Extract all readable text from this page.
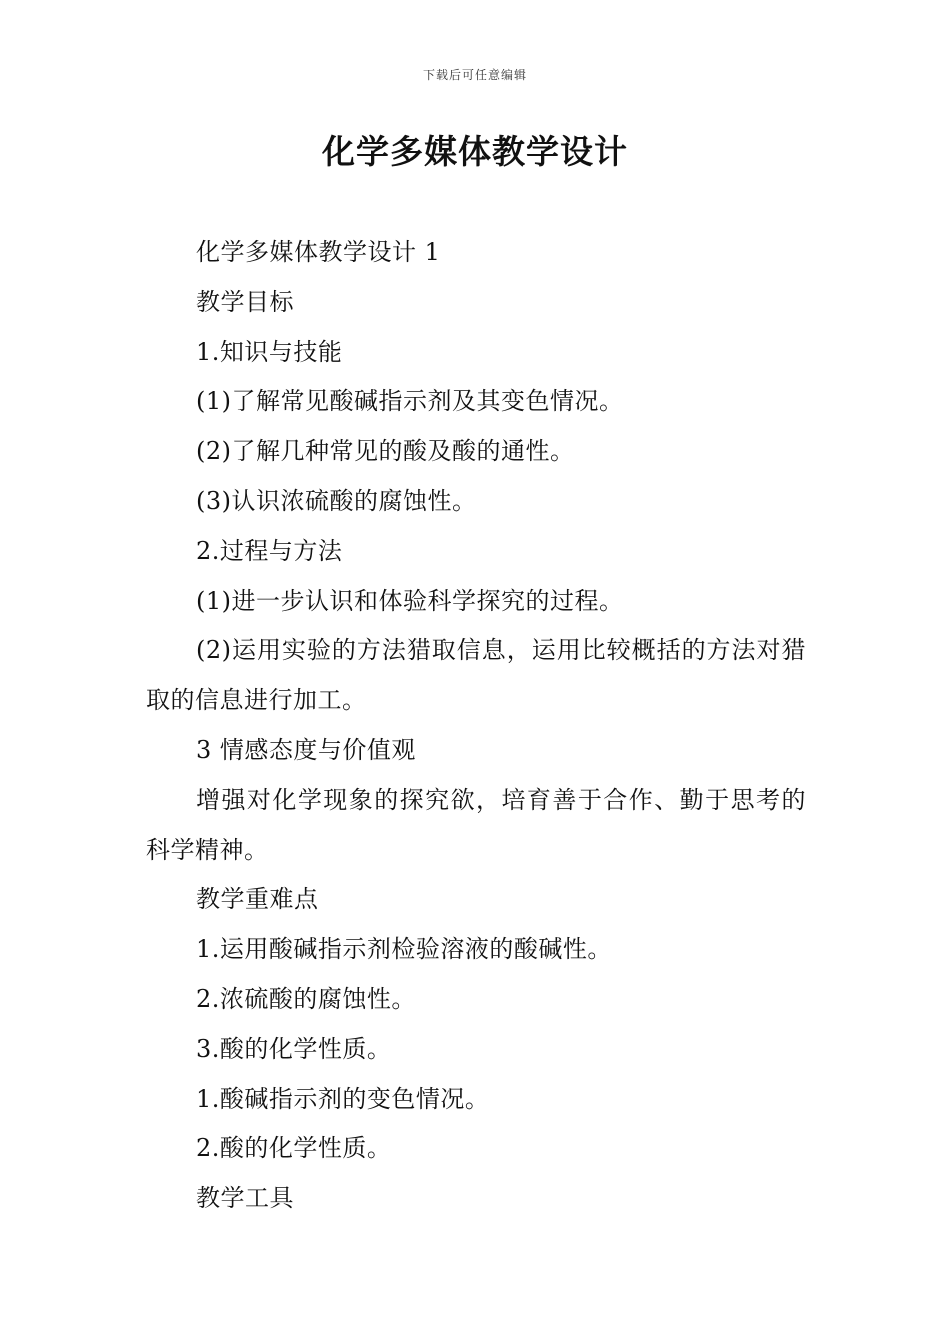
下载后可任意编辑
化学多媒体教学设计

化学多媒体教学设计 1

教学目标

1.知识与技能

(1)了解常见酸碱指示剂及其变色情况。

(2)了解几种常见的酸及酸的通性。

(3)认识浓硫酸的腐蚀性。

2.过程与方法

(1)进一步认识和体验科学探究的过程。

(2)运用实验的方法猎取信息，运用比较概括的方法对猎取的信息进行加工。

3 情感态度与价值观

增强对化学现象的探究欲，培育善于合作、勤于思考的科学精神。

教学重难点

1.运用酸碱指示剂检验溶液的酸碱性。

2.浓硫酸的腐蚀性。

3.酸的化学性质。

1.酸碱指示剂的变色情况。

2.酸的化学性质。

教学工具
